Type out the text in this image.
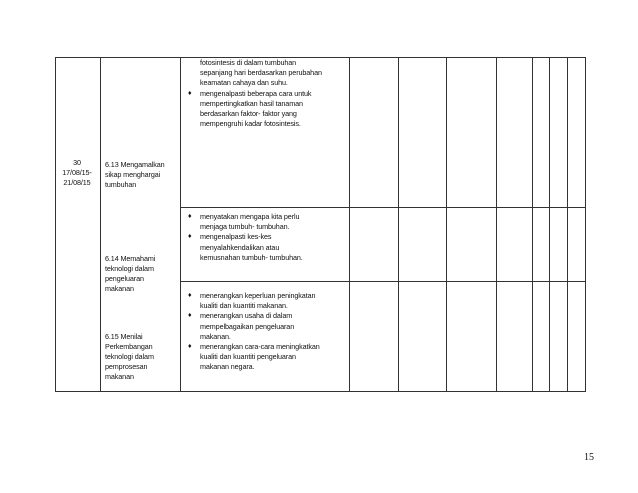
30
17/08/15-
21/08/15
6.13 Mengamalkan
sikap menghargai
tumbuhan
6.14 Memahami
teknologi dalam
pengeluaran
makanan
6.15 Menilai
Perkembangan
teknologi dalam
pemprosesan
makanan
fotosintesis di dalam tumbuhan
sepanjang hari berdasarkan perubahan
keamatan cahaya dan suhu.
♦ mengenalpasti beberapa cara untuk
mempertingkatkan hasil tanaman
berdasarkan faktor- faktor yang
mempengruhi kadar fotosintesis.
♦ menyatakan mengapa kita perlu
menjaga tumbuh- tumbuhan.
♦ mengenalpasti kes-kes
menyalahkendalikan atau
kemusnahan tumbuh- tumbuhan.
♦ menerangkan keperluan peningkatan
kualiti dan kuantiti makanan.
♦ menerangkan usaha di dalam
mempelbagaikan pengeluaran
makanan.
♦ menerangkan cara-cara meningkatkan
kualiti dan kuantiti pengeluaran
makanan negara.
15
